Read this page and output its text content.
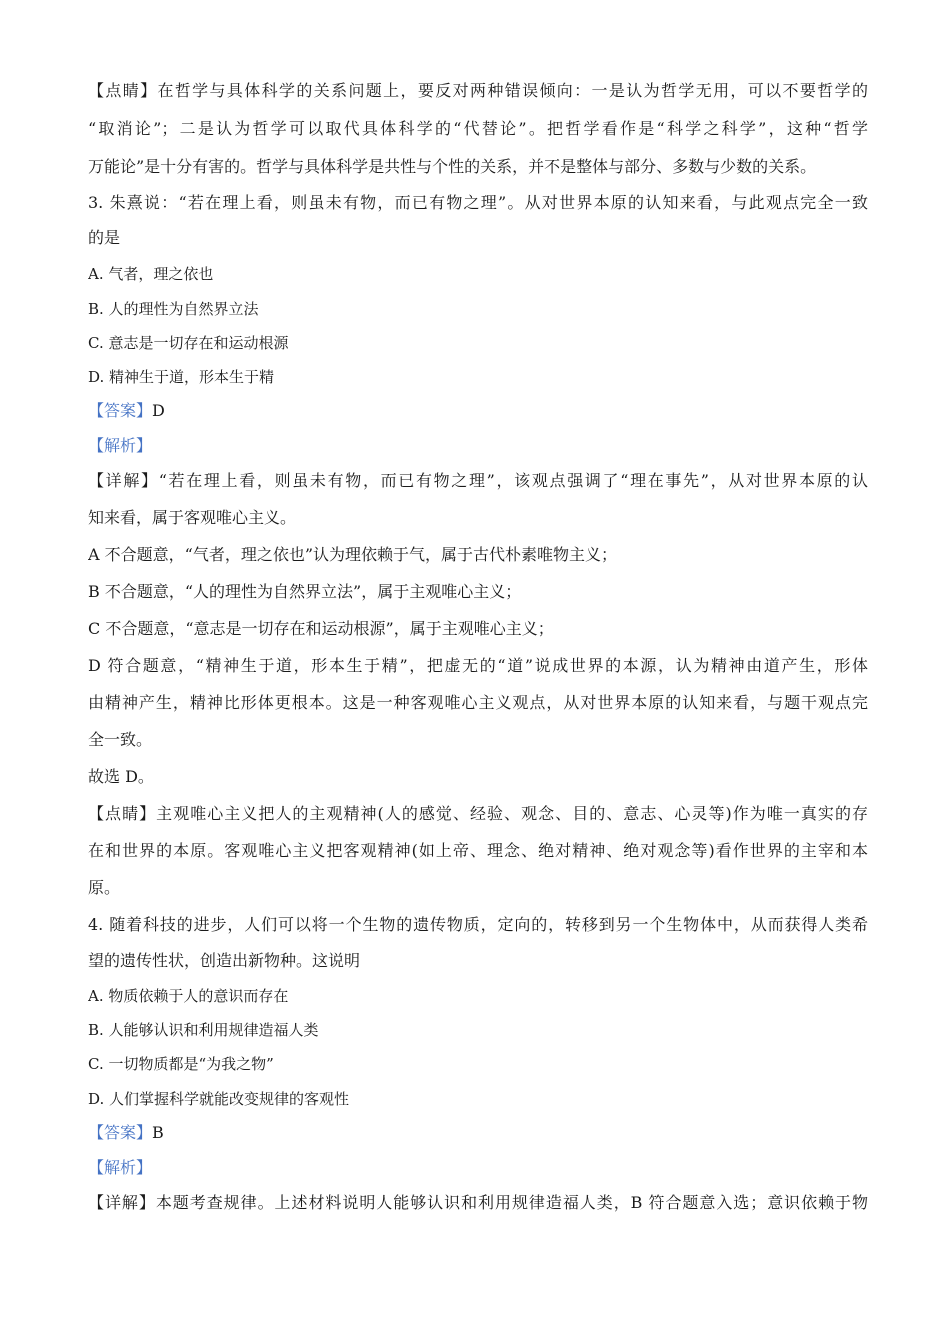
【点睛】在哲学与具体科学的关系问题上，要反对两种错误倾向：一是认为哲学无用，可以不要哲学的
“取消论”；二是认为哲学可以取代具体科学的“代替论”。把哲学看作是“科学之科学”，这种“哲学
万能论”是十分有害的。哲学与具体科学是共性与个性的关系，并不是整体与部分、多数与少数的关系。
3. 朱熹说：“若在理上看，则虽未有物，而已有物之理”。从对世界本原的认知来看，与此观点完全一致
的是
A. 气者，理之依也
B. 人的理性为自然界立法
C. 意志是一切存在和运动根源
D. 精神生于道，形本生于精
【答案】D
【解析】
【详解】“若在理上看，则虽未有物，而已有物之理”，该观点强调了“理在事先”，从对世界本原的认
知来看，属于客观唯心主义。
A 不合题意，“气者，理之依也”认为理依赖于气，属于古代朴素唯物主义；
B 不合题意，“人的理性为自然界立法”，属于主观唯心主义；
C 不合题意，“意志是一切存在和运动根源”，属于主观唯心主义；
D 符合题意，“精神生于道，形本生于精”，把虚无的“道”说成世界的本源，认为精神由道产生，形体
由精神产生，精神比形体更根本。这是一种客观唯心主义观点，从对世界本原的认知来看，与题干观点完
全一致。
故选 D。
【点睛】主观唯心主义把人的主观精神(人的感觉、经验、观念、目的、意志、心灵等)作为唯一真实的存
在和世界的本原。客观唯心主义把客观精神(如上帝、理念、绝对精神、绝对观念等)看作世界的主宰和本
原。
4. 随着科技的进步，人们可以将一个生物的遗传物质，定向的，转移到另一个生物体中，从而获得人类希
望的遗传性状，创造出新物种。这说明
A. 物质依赖于人的意识而存在
B. 人能够认识和利用规律造福人类
C. 一切物质都是“为我之物”
D. 人们掌握科学就能改变规律的客观性
【答案】B
【解析】
【详解】本题考查规律。上述材料说明人能够认识和利用规律造福人类，B 符合题意入选；意识依赖于物
